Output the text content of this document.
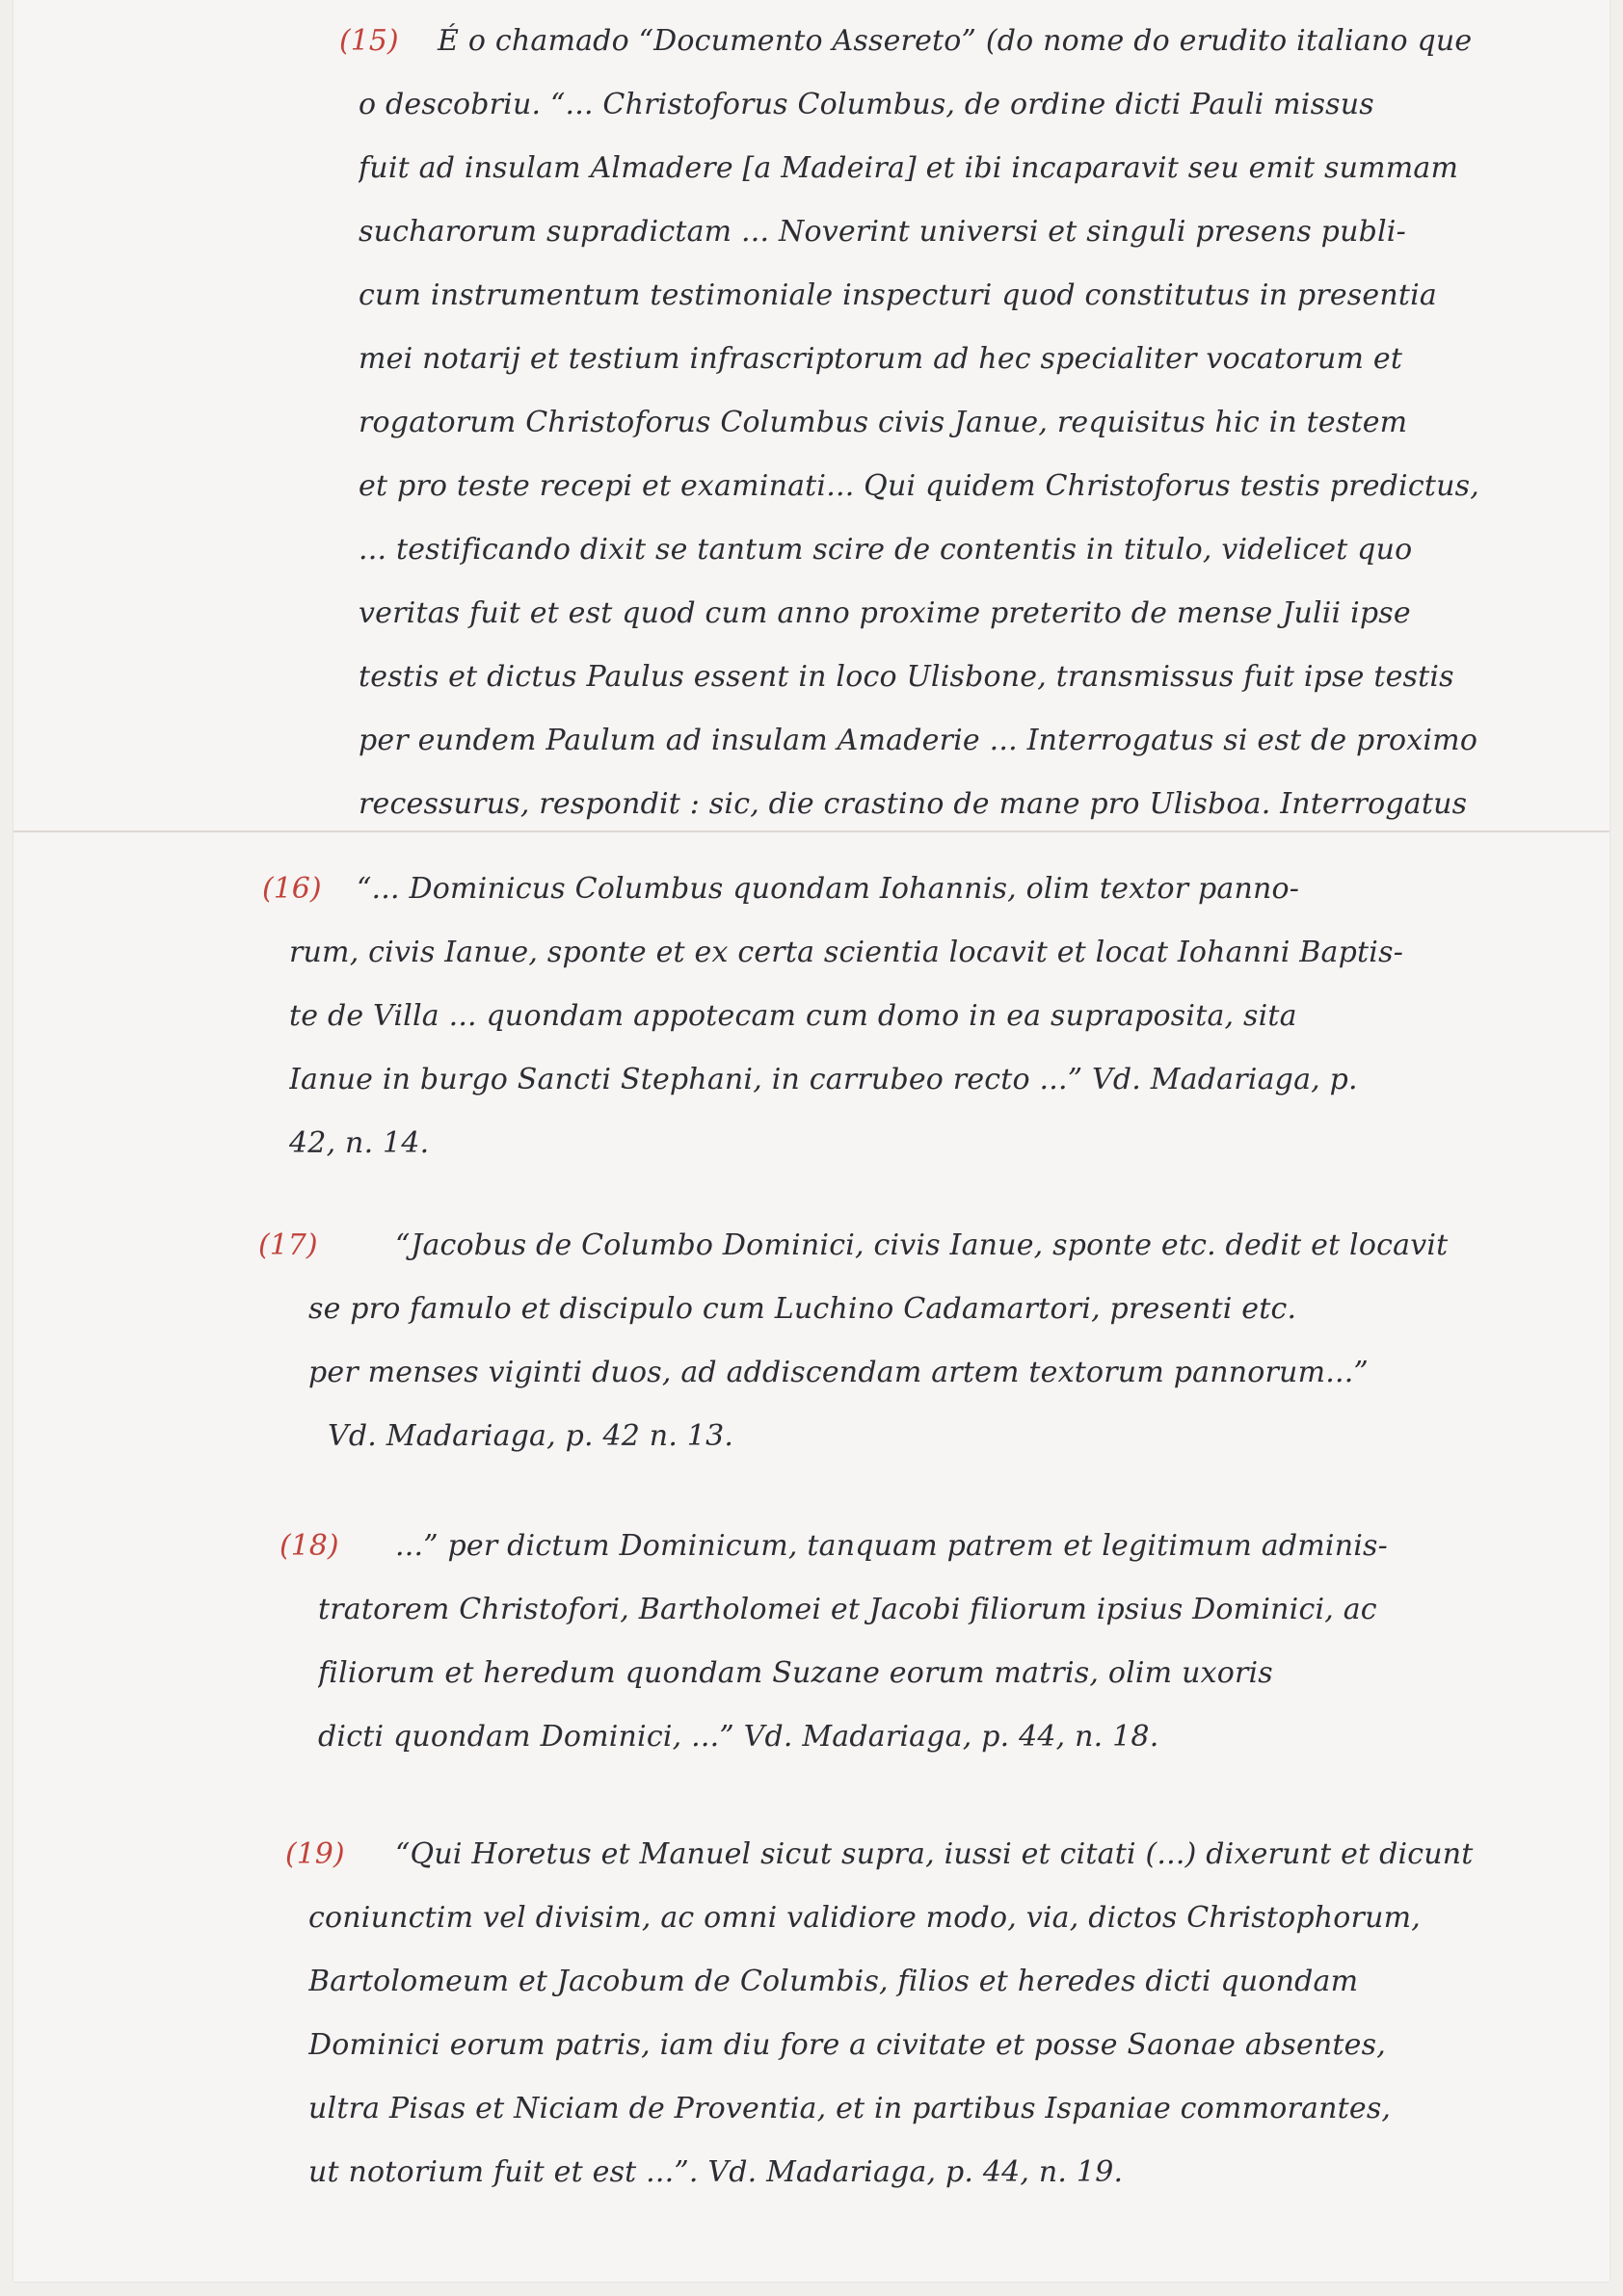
(15)	É o chamado “Documento Assereto” (do nome do erudito italiano que
o descobriu. “... Christoforus Columbus, de ordine dicti Pauli missus
fuit ad insulam Almadere [a Madeira] et ibi incaparavit seu emit summam
sucharorum supradictam ... Noverint universi et singuli presens publi-
cum instrumentum testimoniale inspecturi quod constitutus in presentia
mei notarij et testium infrascriptorum ad hec specialiter vocatorum et
rogatorum Christoforus Columbus civis Janue, requisitus hic in testem
et pro teste recepi et examinati... Qui quidem Christoforus testis predictus,
... testificando dixit se tantum scire de contentis in titulo, videlicet quo
veritas fuit et est quod cum anno proxime preterito de mense Julii ipse
testis et dictus Paulus essent in loco Ulisbone, transmissus fuit ipse testis
per eundem Paulum ad insulam Amaderie ... Interrogatus si est de proximo
recessurus, respondit : sic, die crastino de mane pro Ulisboa. Interrogatus
(16)	“... Dominicus Columbus quondam Iohannis, olim textor panno-
rum, civis Ianue, sponte et ex certa scientia locavit et locat Iohanni Baptis-
te de Villa ... quondam appotecam cum domo in ea supraposita, sita
Ianue in burgo Sancti Stephani, in carrubeo recto ...” Vd. Madariaga, p.
42, n. 14.
(17)	“Jacobus de Columbo Dominici, civis Ianue, sponte etc. dedit et locavit
se pro famulo et discipulo cum Luchino Cadamartori, presenti etc.
per menses viginti duos, ad addiscendam artem textorum pannorum...”
Vd. Madariaga, p. 42 n. 13.
(18)	...” per dictum Dominicum, tanquam patrem et legitimum adminis-
tratorem Christofori, Bartholomei et Jacobi filiorum ipsius Dominici, ac
filiorum et heredum quondam Suzane eorum matris, olim uxoris
dicti quondam Dominici, ...” Vd. Madariaga, p. 44, n. 18.
(19)	“Qui Horetus et Manuel sicut supra, iussi et citati (...) dixerunt et dicunt
coniunctim vel divisim, ac omni validiore modo, via, dictos Christophorum,
Bartolomeum et Jacobum de Columbis, filios et heredes dicti quondam
Dominici eorum patris, iam diu fore a civitate et posse Saonae absentes,
ultra Pisas et Niciam de Proventia, et in partibus Ispaniae commorantes,
ut notorium fuit et est ...”. Vd. Madariaga, p. 44, n. 19.
